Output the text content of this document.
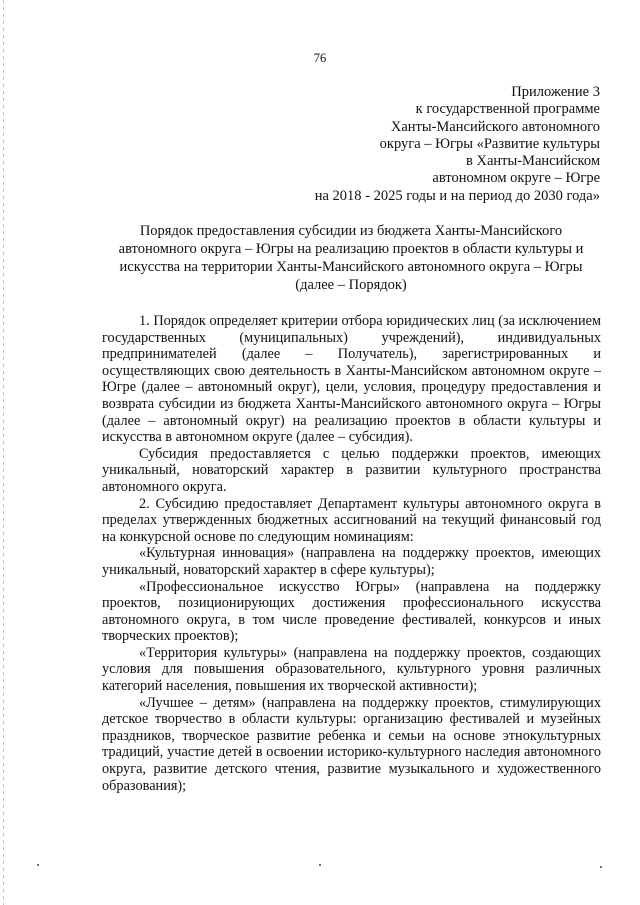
76
Приложение 3
к государственной программе
Ханты-Мансийского автономного
округа – Югры «Развитие культуры
в Ханты-Мансийском
автономном округе – Югре
на 2018 - 2025 годы и на период до 2030 года»
Порядок предоставления субсидии из бюджета Ханты-Мансийского
автономного округа – Югры на реализацию проектов в области культуры и
искусства на территории Ханты-Мансийского автономного округа – Югры
(далее – Порядок)

1. Порядок определяет критерии отбора юридических лиц (за исключением государственных (муниципальных) учреждений), индивидуальных предпринимателей (далее – Получатель), зарегистрированных и осуществляющих свою деятельность в Ханты-Мансийском автономном округе – Югре (далее – автономный округ), цели, условия, процедуру предоставления и возврата субсидии из бюджета Ханты-Мансийского автономного округа – Югры (далее – автономный округ) на реализацию проектов в области культуры и искусства в автономном округе (далее – субсидия).

Субсидия предоставляется с целью поддержки проектов, имеющих уникальный, новаторский характер в развитии культурного пространства автономного округа.

2. Субсидию предоставляет Департамент культуры автономного округа в пределах утвержденных бюджетных ассигнований на текущий финансовый год на конкурсной основе по следующим номинациям:

«Культурная инновация» (направлена на поддержку проектов, имеющих уникальный, новаторский характер в сфере культуры);

«Профессиональное искусство Югры» (направлена на поддержку проектов, позиционирующих достижения профессионального искусства автономного округа, в том числе проведение фестивалей, конкурсов и иных творческих проектов);

«Территория культуры» (направлена на поддержку проектов, создающих условия для повышения образовательного, культурного уровня различных категорий населения, повышения их творческой активности);

«Лучшее – детям» (направлена на поддержку проектов, стимулирующих детское творчество в области культуры: организацию фестивалей и музейных праздников, творческое развитие ребенка и семьи на основе этнокультурных традиций, участие детей в освоении историко-культурного наследия автономного округа, развитие детского чтения, развитие музыкального и художественного образования);
